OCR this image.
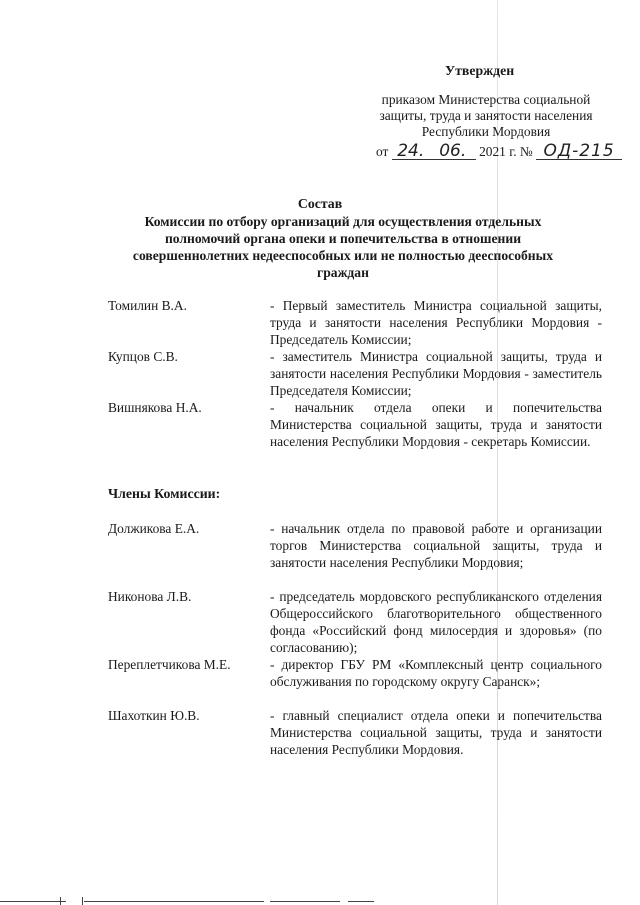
Утвержден
приказом Министерства социальной
защиты, труда и занятости населения
Республики Мордовия
от 24. 06. 2021 г. № ОД-215
Состав
Комиссии по отбору организаций для осуществления отдельных полномочий органа опеки и попечительства в отношении совершеннолетних недееспособных или не полностью дееспособных граждан
Томилин В.А.	- Первый заместитель Министра социальной защиты, труда и занятости населения Республики Мордовия - Председатель Комиссии;
Купцов С.В.	- заместитель Министра социальной защиты, труда и занятости населения Республики Мордовия - заместитель Председателя Комиссии;
Вишнякова Н.А.	- начальник отдела опеки и попечительства Министерства социальной защиты, труда и занятости населения Республики Мордовия - секретарь Комиссии.
Члены Комиссии:
Должикова Е.А.	- начальник отдела по правовой работе и организации торгов Министерства социальной защиты, труда и занятости населения Республики Мордовия;
Никонова Л.В.	- председатель мордовского республиканского отделения Общероссийского благотворительного общественного фонда «Российский фонд милосердия и здоровья» (по согласованию);
Переплетчикова М.Е.	- директор ГБУ РМ «Комплексный центр социального обслуживания по городскому округу Саранск»;
Шахоткин Ю.В.	- главный специалист отдела опеки и попечительства Министерства социальной защиты, труда и занятости населения Республики Мордовия.
